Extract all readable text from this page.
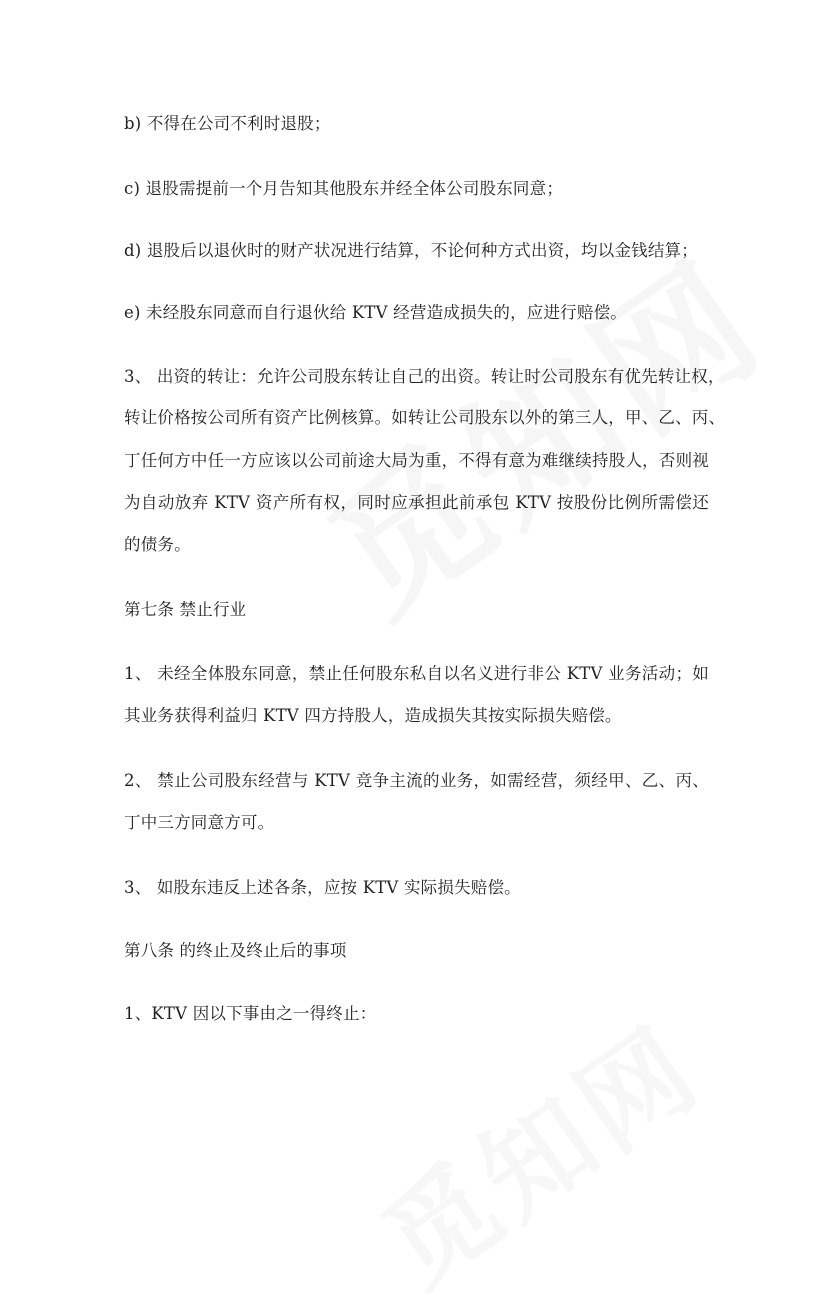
b) 不得在公司不利时退股；
c) 退股需提前一个月告知其他股东并经全体公司股东同意；
d) 退股后以退伙时的财产状况进行结算，不论何种方式出资，均以金钱结算；
e) 未经股东同意而自行退伙给 KTV 经营造成损失的，应进行赔偿。
3、 出资的转让：允许公司股东转让自己的出资。转让时公司股东有优先转让权，
转让价格按公司所有资产比例核算。如转让公司股东以外的第三人，甲、乙、丙、
丁任何方中任一方应该以公司前途大局为重，不得有意为难继续持股人，否则视
为自动放弃 KTV 资产所有权，同时应承担此前承包 KTV 按股份比例所需偿还
的债务。
第七条 禁止行业
1、 未经全体股东同意，禁止任何股东私自以名义进行非公 KTV 业务活动；如
其业务获得利益归 KTV 四方持股人，造成损失其按实际损失赔偿。
2、 禁止公司股东经营与 KTV 竞争主流的业务，如需经营，须经甲、乙、丙、
丁中三方同意方可。
3、 如股东违反上述各条，应按 KTV 实际损失赔偿。
第八条 的终止及终止后的事项
1、KTV 因以下事由之一得终止：
